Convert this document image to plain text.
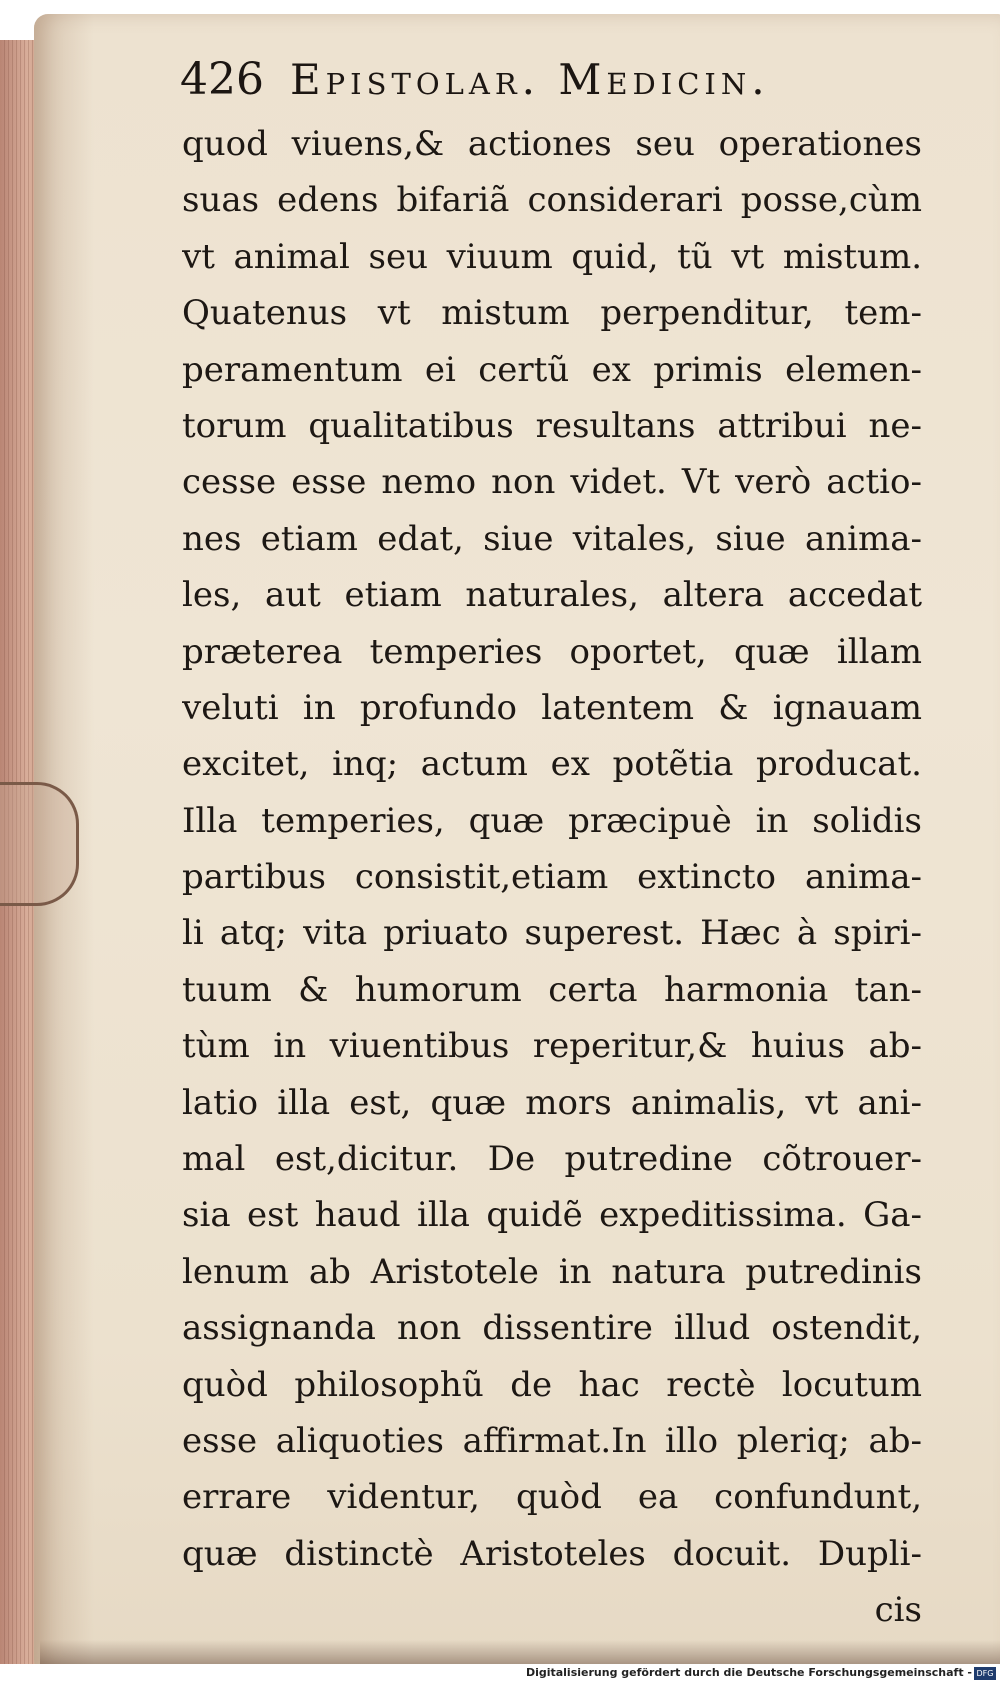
426 Epistolar. Medicin.
quod viuens,& actiones seu operationes
suas edens bifariã considerari posse,cùm
vt animal seu viuum quid, tũ vt mistum.
Quatenus vt mistum perpenditur, tem-
peramentum ei certũ ex primis elemen-
torum qualitatibus resultans attribui ne-
cesse esse nemo non videt. Vt verò actio-
nes etiam edat, siue vitales, siue anima-
les, aut etiam naturales, altera accedat
præterea temperies oportet, quæ illam
veluti in profundo latentem & ignauam
excitet, inq; actum ex potẽtia producat.
Illa temperies, quæ præcipuè in solidis
partibus consistit,etiam extincto anima-
li atq; vita priuato superest. Hæc à spiri-
tuum & humorum certa harmonia tan-
tùm in viuentibus reperitur,& huius ab-
latio illa est, quæ mors animalis, vt ani-
mal est,dicitur. De putredine cõtrouer-
sia est haud illa quidẽ expeditissima. Ga-
lenum ab Aristotele in natura putredinis
assignanda non dissentire illud ostendit,
quòd philosophũ de hac rectè locutum
esse aliquoties affirmat.In illo pleriq; ab-
errare videntur, quòd ea confundunt,
quæ distinctè Aristoteles docuit. Dupli-
cis
Digitalisierung gefördert durch die Deutsche Forschungsgemeinschaft - DFG
